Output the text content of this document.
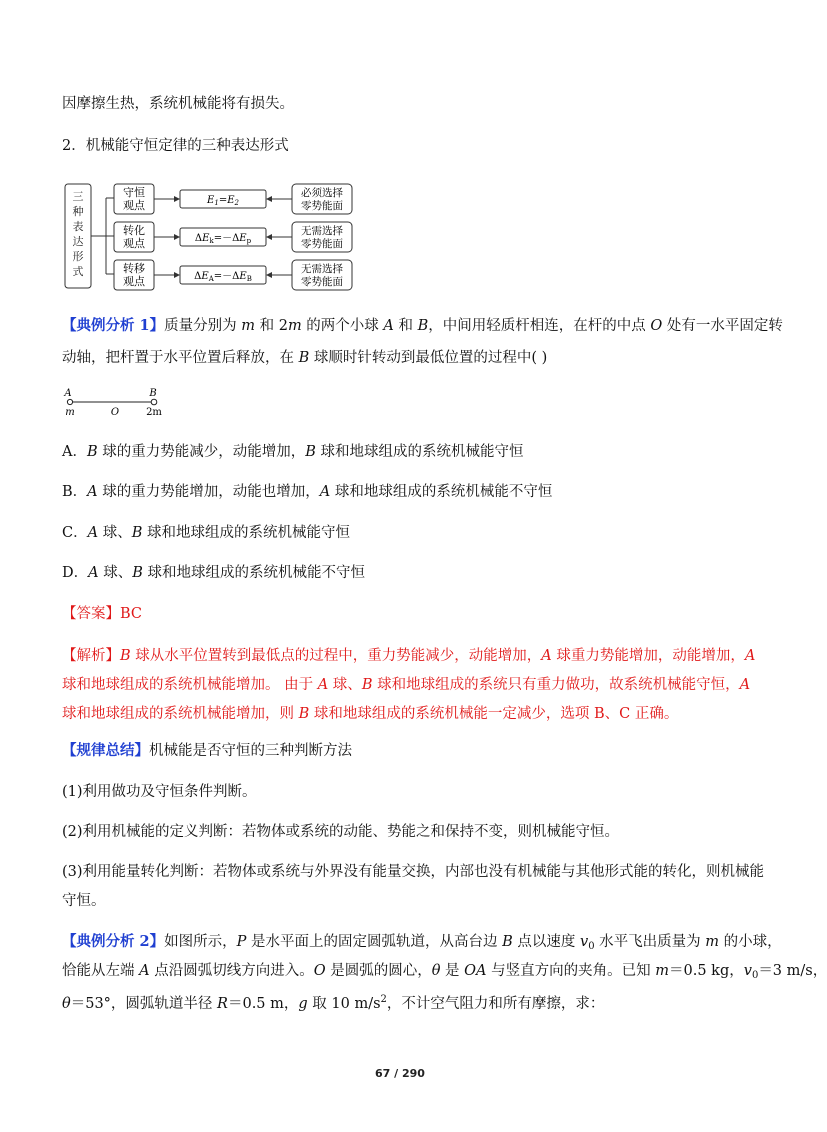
因摩擦生热，系统机械能将有损失。
2．机械能守恒定律的三种表达形式
三种表达形式
守恒
观点
转化
观点
转移
观点
$E_1=E_2$
$\Delta E_k=-\Delta E_p$
$\Delta E_A=-\Delta E_B$
必须选择
零势能面
无需选择
零势能面
无需选择
零势能面
【典例分析 1】质量分别为 m 和 2m 的两个小球 A 和 B，中间用轻质杆相连，在杆的中点 O 处有一水平固定转
动轴，把杆置于水平位置后释放，在 B 球顺时针转动到最低位置的过程中( )
A	B
m	O	2m
A．B 球的重力势能减少，动能增加，B 球和地球组成的系统机械能守恒
B．A 球的重力势能增加，动能也增加，A 球和地球组成的系统机械能不守恒
C．A 球、B 球和地球组成的系统机械能守恒
D．A 球、B 球和地球组成的系统机械能不守恒
【答案】BC
【解析】B 球从水平位置转到最低点的过程中，重力势能减少，动能增加，A 球重力势能增加，动能增加，A
球和地球组成的系统机械能增加。 由于 A 球、B 球和地球组成的系统只有重力做功，故系统机械能守恒，A
球和地球组成的系统机械能增加，则 B 球和地球组成的系统机械能一定减少，选项 B、C 正确。
【规律总结】机械能是否守恒的三种判断方法
(1)利用做功及守恒条件判断。
(2)利用机械能的定义判断：若物体或系统的动能、势能之和保持不变，则机械能守恒。
(3)利用能量转化判断：若物体或系统与外界没有能量交换，内部也没有机械能与其他形式能的转化，则机械能
守恒。
【典例分析 2】如图所示，P 是水平面上的固定圆弧轨道，从高台边 B 点以速度 $v_0$ 水平飞出质量为 m 的小球，
恰能从左端 A 点沿圆弧切线方向进入。O 是圆弧的圆心，θ 是 OA 与竖直方向的夹角。已知 m＝0.5 kg，$v_0=3$ m/s，
θ＝53°，圆弧轨道半径 R＝0.5 m，g 取 10 $m/s^2$，不计空气阻力和所有摩擦，求：
67 / 290
